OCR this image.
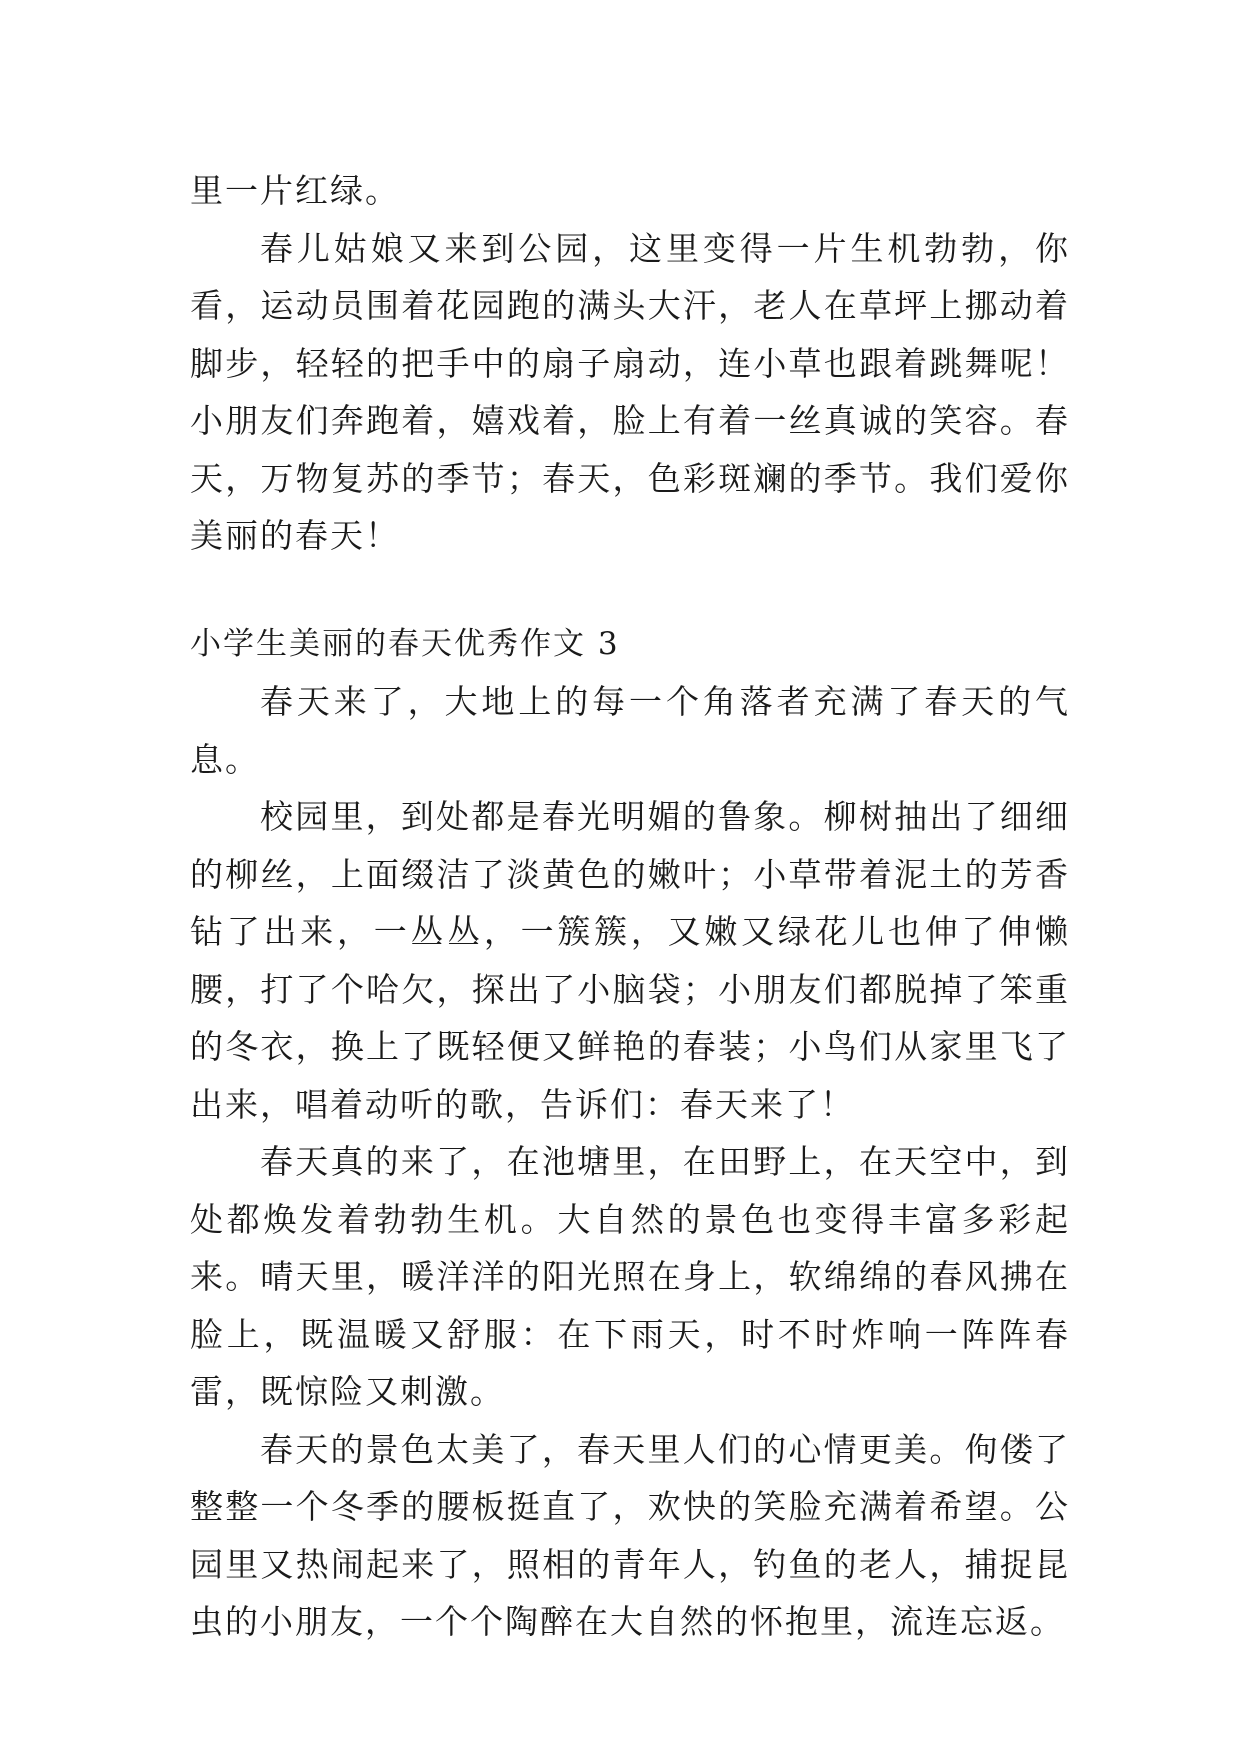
里一片红绿。

春儿姑娘又来到公园，这里变得一片生机勃勃，你看，运动员围着花园跑的满头大汗，老人在草坪上挪动着脚步，轻轻的把手中的扇子扇动，连小草也跟着跳舞呢！小朋友们奔跑着，嬉戏着，脸上有着一丝真诚的笑容。春天，万物复苏的季节；春天，色彩斑斓的季节。我们爱你美丽的春天！

小学生美丽的春天优秀作文 3

春天来了，大地上的每一个角落者充满了春天的气息。

校园里，到处都是春光明媚的鲁象。柳树抽出了细细的柳丝，上面缀洁了淡黄色的嫩叶；小草带着泥土的芳香钻了出来，一丛丛，一簇簇，又嫩又绿花儿也伸了伸懒腰，打了个哈欠，探出了小脑袋；小朋友们都脱掉了笨重的冬衣，换上了既轻便又鲜艳的春装；小鸟们从家里飞了出来，唱着动听的歌，告诉们：春天来了！

春天真的来了，在池塘里，在田野上，在天空中，到处都焕发着勃勃生机。大自然的景色也变得丰富多彩起来。晴天里，暖洋洋的阳光照在身上，软绵绵的春风拂在脸上，既温暖又舒服：在下雨天，时不时炸响一阵阵春雷，既惊险又刺激。

春天的景色太美了，春天里人们的心情更美。佝偻了整整一个冬季的腰板挺直了，欢快的笑脸充满着希望。公园里又热闹起来了，照相的青年人，钓鱼的老人，捕捉昆虫的小朋友，一个个陶醉在大自然的怀抱里，流连忘返。
